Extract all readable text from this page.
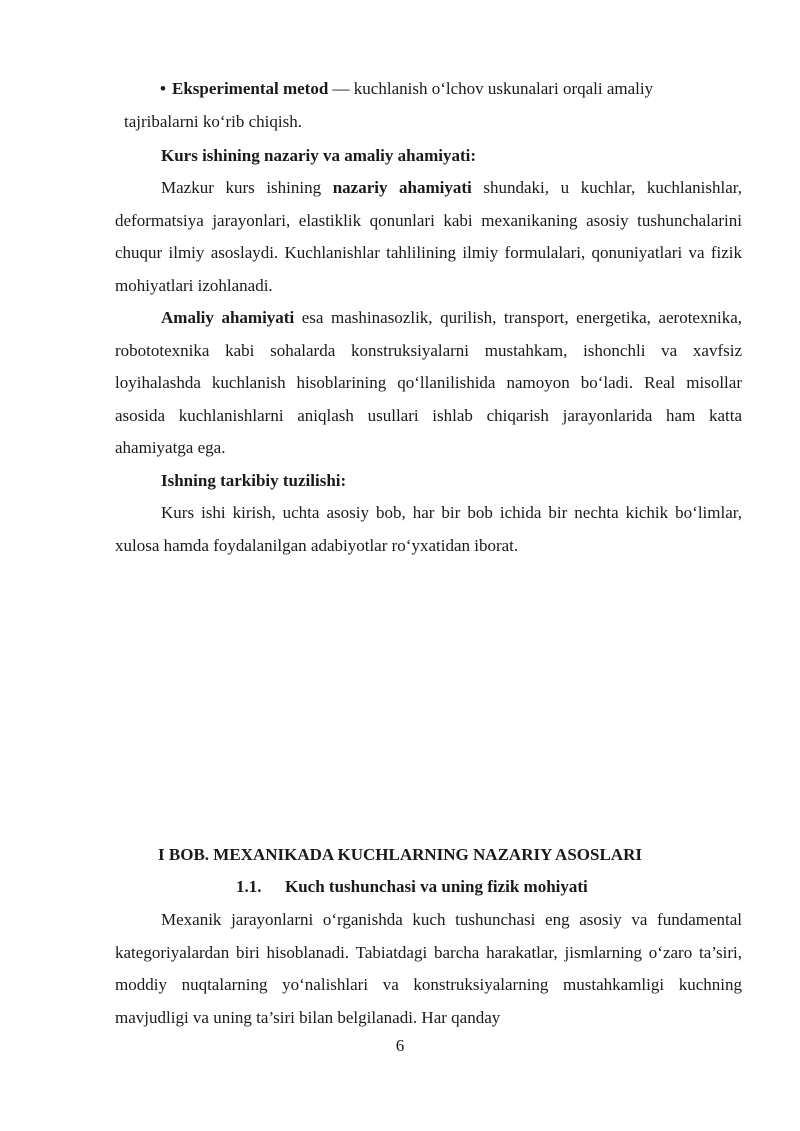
• Eksperimental metod — kuchlanish o‘lchov uskunalari orqali amaliy
tajribalarni ko‘rib chiqish.

Kurs ishining nazariy va amaliy ahamiyati:

Mazkur kurs ishining nazariy ahamiyati shundaki, u kuchlar, kuchlanishlar, deformatsiya jarayonlari, elastiklik qonunlari kabi mexanikaning asosiy tushunchalarini chuqur ilmiy asoslaydi. Kuchlanishlar tahlilining ilmiy formulalari, qonuniyatlari va fizik mohiyatlari izohlanadi.

Amaliy ahamiyati esa mashinasozlik, qurilish, transport, energetika, aerotexnika, robototexnika kabi sohalarda konstruksiyalarni mustahkam, ishonchli va xavfsiz loyihalashda kuchlanish hisoblarining qo‘llanilishida namoyon bo‘ladi. Real misollar asosida kuchlanishlarni aniqlash usullari ishlab chiqarish jarayonlarida ham katta ahamiyatga ega.

Ishning tarkibiy tuzilishi:

Kurs ishi kirish, uchta asosiy bob, har bir bob ichida bir nechta kichik bo‘limlar, xulosa hamda foydalanilgan adabiyotlar ro‘yxatidan iborat.

I BOB. MEXANIKADA KUCHLARNING NAZARIY ASOSLARI
1.1. Kuch tushunchasi va uning fizik mohiyati

Mexanik jarayonlarni o‘rganishda kuch tushunchasi eng asosiy va fundamental kategoriyalardan biri hisoblanadi. Tabiatdagi barcha harakatlar, jismlarning o‘zaro ta’siri, moddiy nuqtalarning yo‘nalishlari va konstruksiyalarning mustahkamligi kuchning mavjudligi va uning ta’siri bilan belgilanadi. Har qanday

6
